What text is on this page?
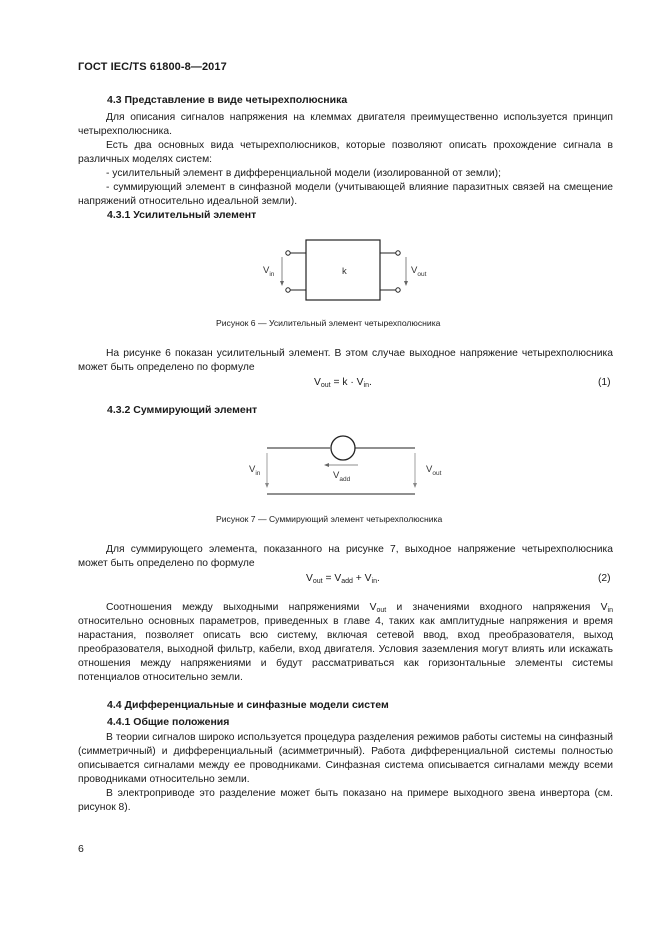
ГОСТ IEC/TS 61800-8—2017
4.3 Представление в виде четырехполюсника
Для описания сигналов напряжения на клеммах двигателя преимущественно используется принцип четырехполюсника.
Есть два основных вида четырехполюсников, которые позволяют описать прохождение сигнала в различных моделях систем:
- усилительный элемент в дифференциальной модели (изолированной от земли);
- суммирующий элемент в синфазной модели (учитывающей влияние паразитных связей на смещение напряжений относительно идеальной земли).
4.3.1 Усилительный элемент
$V_{in}$	k	$V_{out}$
Рисунок 6 — Усилительный элемент четырехполюсника
На рисунке 6 показан усилительный элемент. В этом случае выходное напряжение четырехполюсника может быть определено по формуле
$V_{out} = k \cdot V_{in}$.	(1)
4.3.2 Суммирующий элемент
$V_{in}$	$V_{add}$
$V_{out}$
Рисунок 7 — Суммирующий элемент четырехполюсника
Для суммирующего элемента, показанного на рисунке 7, выходное напряжение четырехполюсника может быть определено по формуле
$V_{out} = V_{add} + V_{in}$.	(2)
Соотношения между выходными напряжениями $V_{out}$ и значениями входного напряжения $V_{in}$ относительно основных параметров, приведенных в главе 4, таких как амплитудные напряжения и время нарастания, позволяет описать всю систему, включая сетевой ввод, вход преобразователя, выход преобразователя, выходной фильтр, кабели, вход двигателя. Условия заземления могут влиять или искажать отношения между напряжениями и будут рассматриваться как горизонтальные элементы системы потенциалов относительно земли.
4.4 Дифференциальные и синфазные модели систем
4.4.1 Общие положения
В теории сигналов широко используется процедура разделения режимов работы системы на синфазный (симметричный) и дифференциальный (асимметричный). Работа дифференциальной системы полностью описывается сигналами между ее проводниками. Синфазная система описывается сигналами между всеми проводниками относительно земли.
В электроприводе это разделение может быть показано на примере выходного звена инвертора (см. рисунок 8).
6
